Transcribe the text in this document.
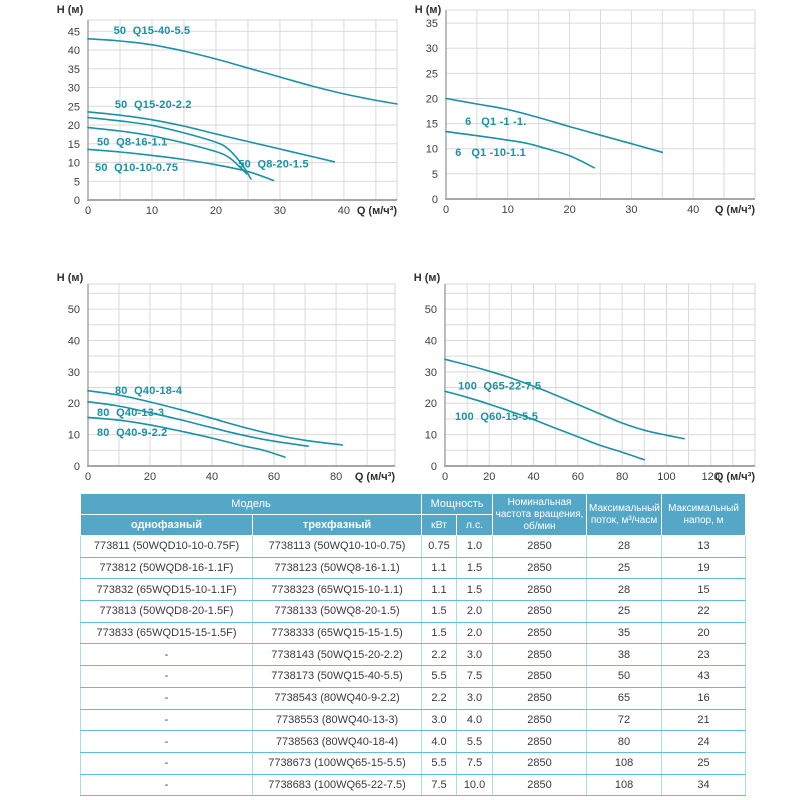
0	10	20	30	40
0
5
10
15
20
25
30
35
40
45
H (м)
Q (м/ч³)
50  Q15-40-5.5
50  Q15-20-2.2
50  Q8-20-1.5
50  Q8-16-1.1
50  Q10-10-0.75
0	10	20	30	40
0
5
10
15
20
25
30
35
H (м)
Q (м/ч³)
6   Q1 -1 -1.
6   Q1 -10-1.1
0	20	40	60	80
0
10
20
30
40
50
H (м)
Q (м/ч³)
80  Q40-18-4
80  Q40-13-3
80  Q40-9-2.2
0	20	40	60	80	100 120
0
10
20
30
40
50
H (м)
Q (м/ч³)
100  Q65-22-7.5
100  Q60-15-5.5
Модель		Мощность		Номинальная частота вращения, об/мин	Максимальный поток, м³/часм	Максимальный напор, м
однофазный	трехфазный	кВт	л.с.			
773811 (50WQD10-10-0.75F)	7738113 (50WQ10-10-0.75)	0.75	1.0	2850	28	13
773812 (50WQD8-16-1.1F)	7738123 (50WQ8-16-1.1)	1.1	1.5	2850	25	19
773832 (65WQD15-10-1.1F)	7738323 (65WQ15-10-1.1)	1.1	1.5	2850	28	15
773813 (50WQD8-20-1.5F)	7738133 (50WQ8-20-1.5)	1.5	2.0	2850	25	22
773833 (65WQD15-15-1.5F)	7738333 (65WQ15-15-1.5)	1.5	2.0	2850	35	20
-	7738143 (50WQ15-20-2.2)	2.2	3.0	2850	38	23
-	7738173 (50WQ15-40-5.5)	5.5	7.5	2850	50	43
-	7738543 (80WQ40-9-2.2)	2.2	3.0	2850	65	16
-	7738553 (80WQ40-13-3)	3.0	4.0	2850	72	21
-	7738563 (80WQ40-18-4)	4.0	5.5	2850	80	24
-	7738673 (100WQ65-15-5.5)	5.5	7.5	2850	108	25
-	7738683 (100WQ65-22-7.5)	7.5	10.0	2850	108	34
